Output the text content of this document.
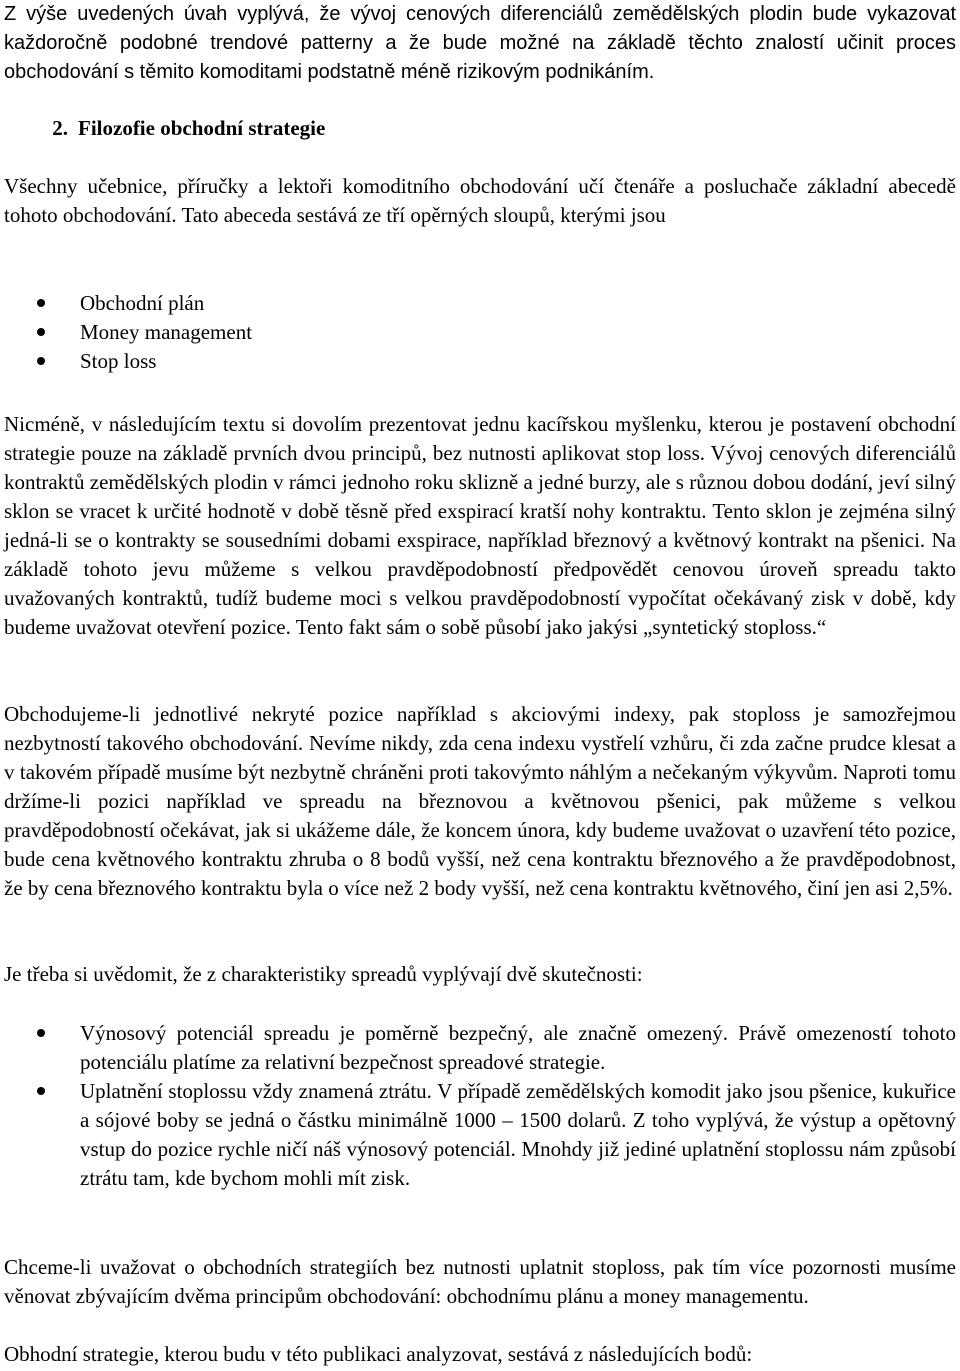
Z výše uvedených úvah vyplývá, že vývoj cenových diferenciálů zemědělských plodin bude vykazovat každoročně podobné trendové patterny a že bude možné na základě těchto znalostí učinit proces obchodování s těmito komoditami podstatně méně rizikovým podnikáním.

2. Filozofie obchodní strategie

Všechny učebnice, příručky a lektoři komoditního obchodování učí čtenáře a posluchače základní abecedě tohoto obchodování. Tato abeceda sestává ze tří opěrných sloupů, kterými jsou

Obchodní plán
Money management
Stop loss

Nicméně, v následujícím textu si dovolím prezentovat jednu kacířskou myšlenku, kterou je postavení obchodní strategie pouze na základě prvních dvou principů, bez nutnosti aplikovat stop loss. Vývoj cenových diferenciálů kontraktů zemědělských plodin v rámci jednoho roku sklizně a jedné burzy, ale s různou dobou dodání, jeví silný sklon se vracet k určité hodnotě v době těsně před exspirací kratší nohy kontraktu. Tento sklon je zejména silný jedná-li se o kontrakty se sousedními dobami exspirace, například březnový a květnový kontrakt na pšenici. Na základě tohoto jevu můžeme s velkou pravděpodobností předpovědět cenovou úroveň spreadu takto uvažovaných kontraktů, tudíž budeme moci s velkou pravděpodobností vypočítat očekávaný zisk v době, kdy budeme uvažovat otevření pozice. Tento fakt sám o sobě působí jako jakýsi „syntetický stoploss.“

Obchodujeme-li jednotlivé nekryté pozice například s akciovými indexy, pak stoploss je samozřejmou nezbytností takového obchodování. Nevíme nikdy, zda cena indexu vystřelí vzhůru, či zda začne prudce klesat a v takovém případě musíme být nezbytně chráněni proti takovýmto náhlým a nečekaným výkyvům. Naproti tomu držíme-li pozici například ve spreadu na březnovou a květnovou pšenici, pak můžeme s velkou pravděpodobností očekávat, jak si ukážeme dále, že koncem února, kdy budeme uvažovat o uzavření této pozice, bude cena květnového kontraktu zhruba o 8 bodů vyšší, než cena kontraktu březnového a že pravděpodobnost, že by cena březnového kontraktu byla o více než 2 body vyšší, než cena kontraktu květnového, činí jen asi 2,5%.

Je třeba si uvědomit, že z charakteristiky spreadů vyplývají dvě skutečnosti:

Výnosový potenciál spreadu je poměrně bezpečný, ale značně omezený. Právě omezeností tohoto potenciálu platíme za relativní bezpečnost spreadové strategie.
Uplatnění stoplossu vždy znamená ztrátu. V případě zemědělských komodit jako jsou pšenice, kukuřice a sójové boby se jedná o částku minimálně 1000 – 1500 dolarů. Z toho vyplývá, že výstup a opětovný vstup do pozice rychle ničí náš výnosový potenciál. Mnohdy již jediné uplatnění stoplossu nám způsobí ztrátu tam, kde bychom mohli mít zisk.

Chceme-li uvažovat o obchodních strategiích bez nutnosti uplatnit stoploss, pak tím více pozornosti musíme věnovat zbývajícím dvěma principům obchodování: obchodnímu plánu a money managementu.

Obhodní strategie, kterou budu v této publikaci analyzovat, sestává z následujících bodů:
